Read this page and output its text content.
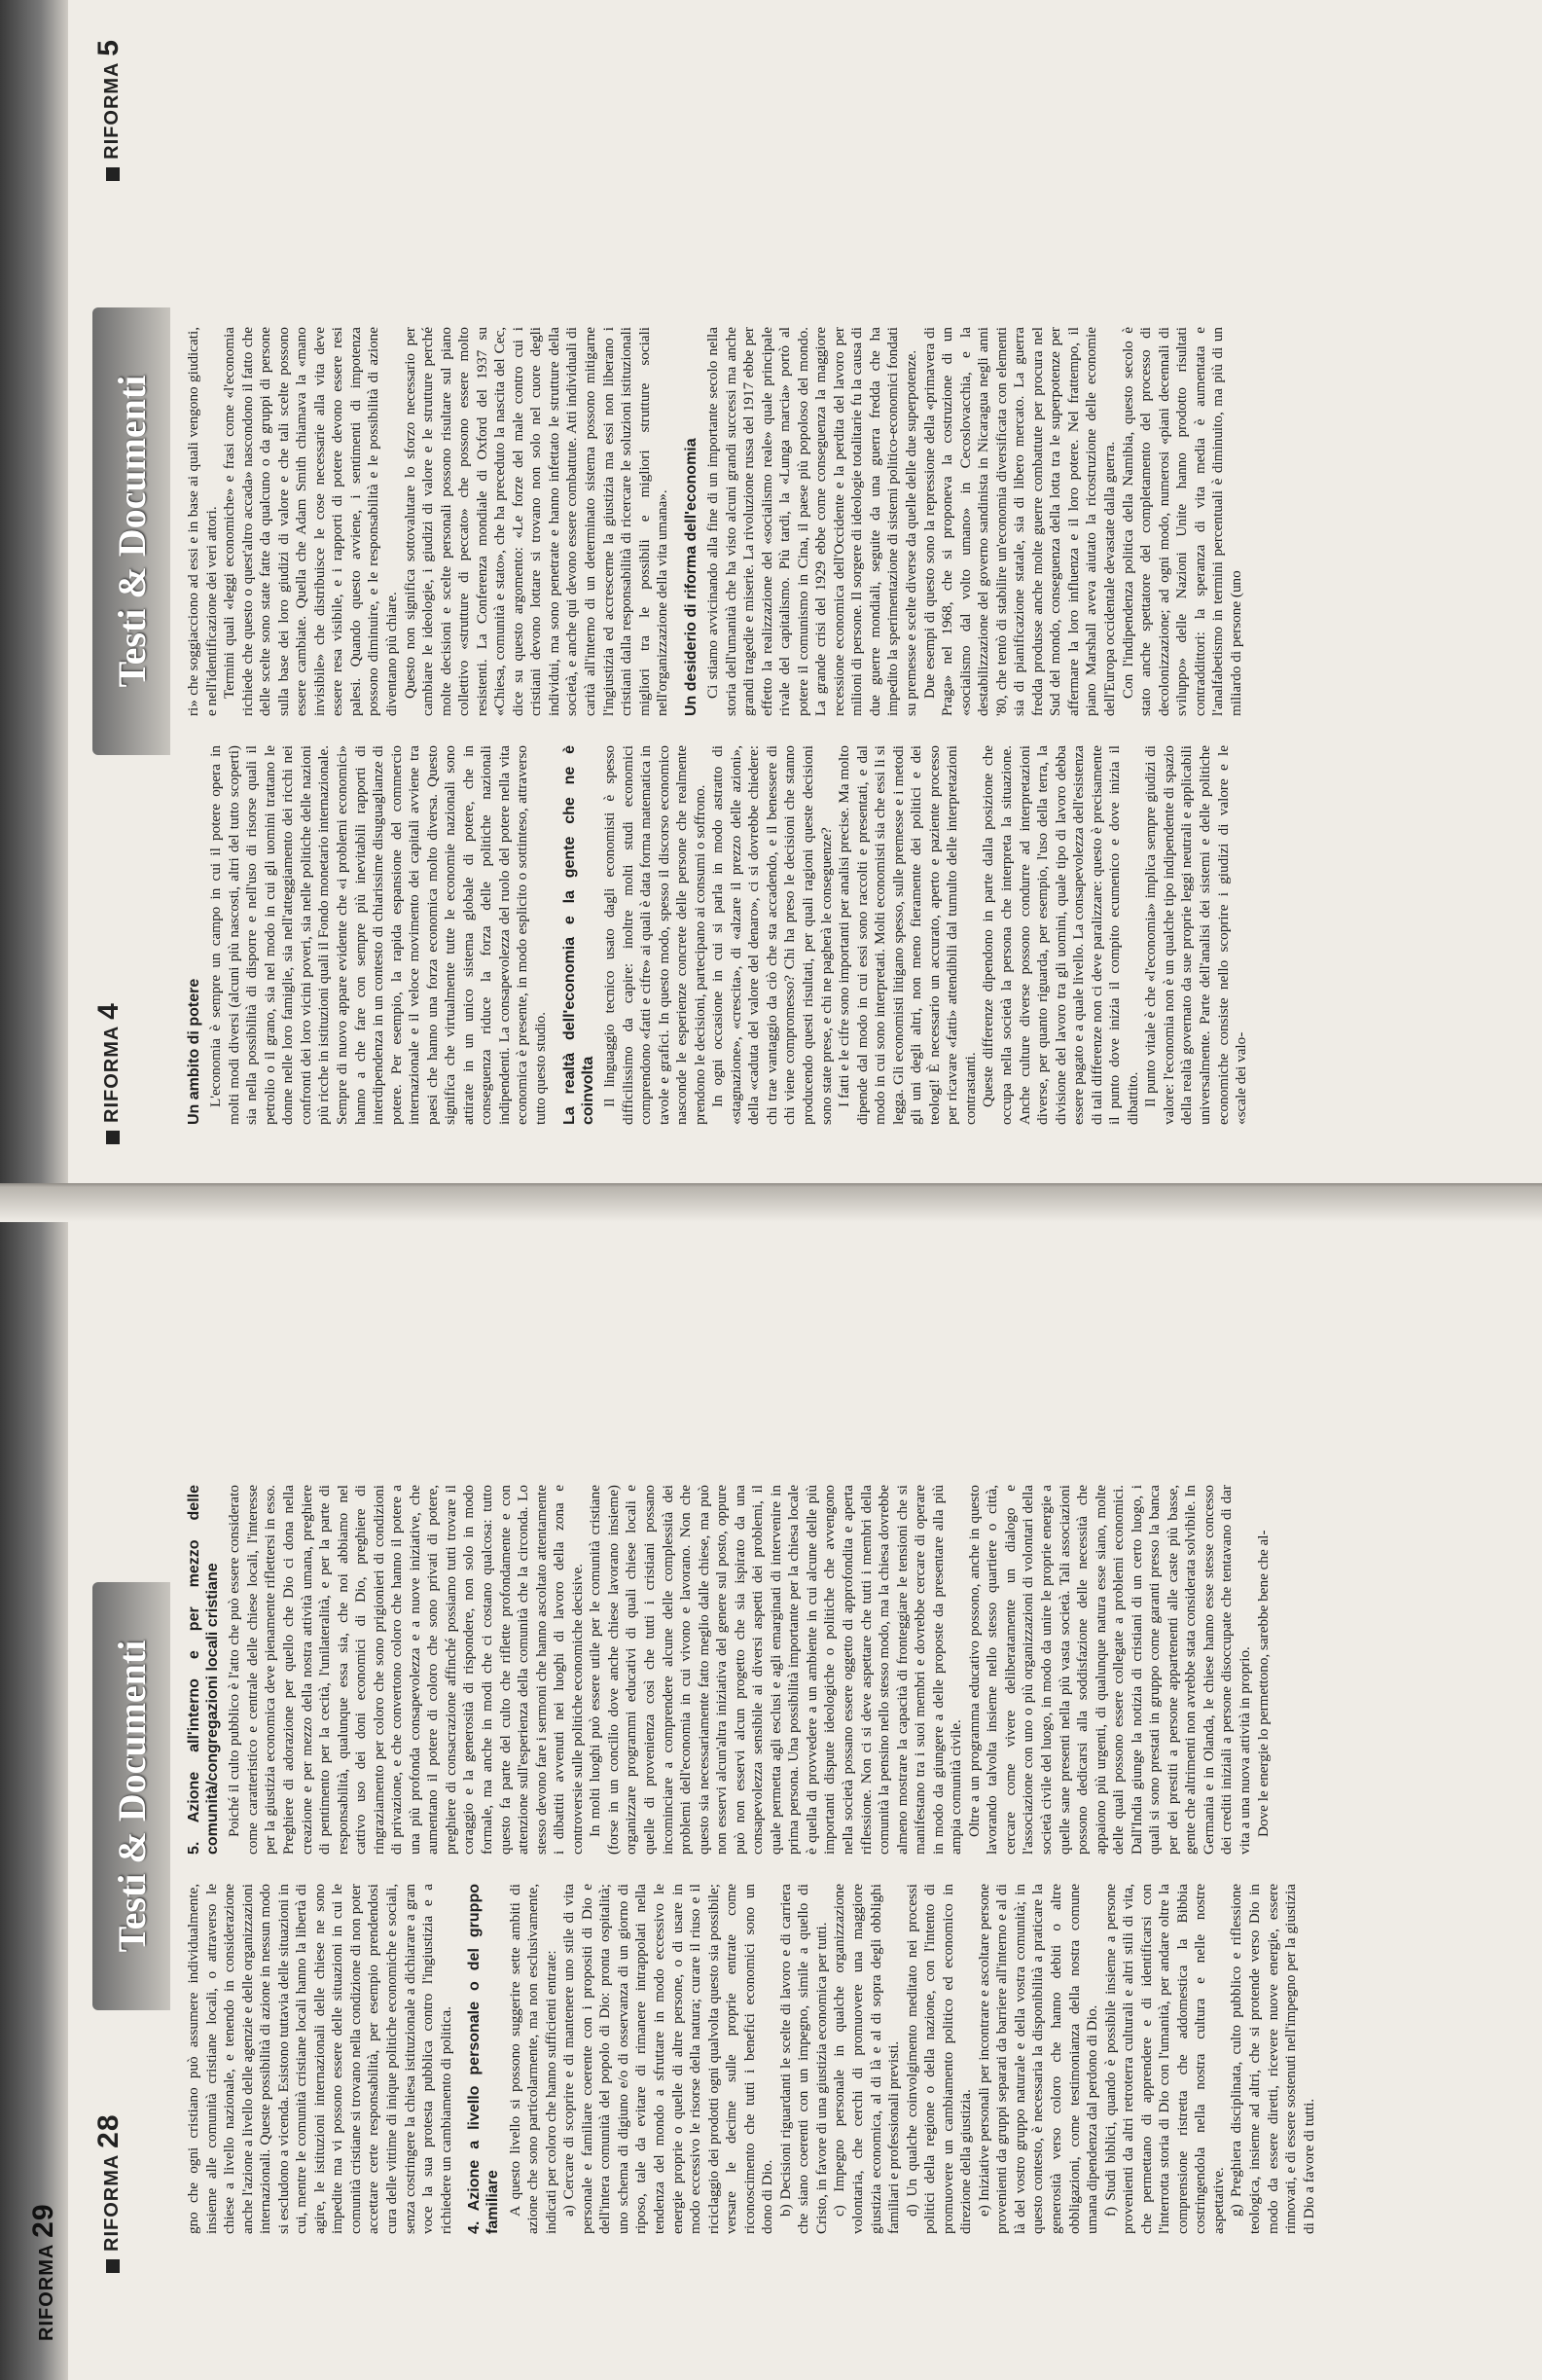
RIFORMA 29	RIFORMA 28
Testi & Documenti

gno che ogni cristiano può assumere individualmente, insieme alle comunità cristiane locali, o attraverso le chiese a livello nazionale, e tenendo in considerazione anche l'azione a livello delle agenzie e delle organizzazioni internazionali. Queste possibilità di azione in nessun modo si escludono a vicenda. Esistono tuttavia delle situazioni in cui, mentre le comunità cristiane locali hanno la libertà di agire, le istituzioni internazionali delle chiese ne sono impedite ma vi possono essere delle situazioni in cui le comunità cristiane si trovano nella condizione di non poter accettare certe responsabilità, per esempio prendendosi cura delle vittime di inique politiche economiche e sociali, senza costringere la chiesa istituzionale a dichiarare a gran voce la sua protesta pubblica contro l'ingiustizia e a richiedere un cambiamento di politica. 4. Azione a livello personale o del gruppo familiare A questo livello si possono suggerire sette ambiti di azione che sono particolarmente, ma non esclusivamente, indicati per coloro che hanno sufficienti entrate: a) Cercare di scoprire e di mantenere uno stile di vita personale e familiare coerente con i propositi di Dio e dell'intera comunità del popolo di Dio: pronta ospitalità; uno schema di digiuno e/o di osservanza di un giorno di riposo, tale da evitare di rimanere intrappolati nella tendenza del mondo a sfruttare in modo eccessivo le energie proprie o quelle di altre persone, o di usare in modo eccessivo le risorse della natura; curare il riuso e il riciclaggio dei prodotti ogni qualvolta questo sia possibile; versare le decime sulle proprie entrate come riconoscimento che tutti i benefici economici sono un dono di Dio. b) Decisioni riguardanti le scelte di lavoro e di carriera che siano coerenti con un impegno, simile a quello di Cristo, in favore di una giustizia economica per tutti. c) Impegno personale in qualche organizzazione volontaria, che cerchi di promuovere una maggiore giustizia economica, al di là e al di sopra degli obblighi familiari e professionali previsti. d) Un qualche coinvolgimento meditato nei processi politici della regione o della nazione, con l'intento di promuovere un cambiamento politico ed economico in direzione della giustizia. e) Iniziative personali per incontrare e ascoltare persone provenienti da gruppi separati da barriere all'interno e al di là del vostro gruppo naturale e della vostra comunità; in questo contesto, è necessaria la disponibilità a praticare la generosità verso coloro che hanno debiti o altre obbligazioni, come testimonianza della nostra comune umana dipendenza dal perdono di Dio. f) Studi biblici, quando è possibile insieme a persone provenienti da altri retroterra culturali e altri stili di vita, che permettano di apprendere e di identificarsi con l'interrotta storia di Dio con l'umanità, per andare oltre la comprensione ristretta che addomestica la Bibbia costringendola nella nostra cultura e nelle nostre aspettative. g) Preghiera disciplinata, culto pubblico e riflessione teologica, insieme ad altri, che si protende verso Dio in modo da essere diretti, ricevere nuove energie, essere rinnovati, e di essere sostenuti nell'impegno per la giustizia di Dio a favore di tutti.

5. Azione all'interno e per mezzo delle comunità/congregazioni locali cristiane Poiché il culto pubblico è l'atto che può essere considerato come caratteristico e centrale delle chiese locali, l'interesse per la giustizia economica deve pienamente riflettersi in esso. Preghiere di adorazione per quello che Dio ci dona nella creazione e per mezzo della nostra attività umana, preghiere di pentimento per la cecità, l'unilateralità, e per la parte di responsabilità, qualunque essa sia, che noi abbiamo nel cattivo uso dei doni economici di Dio, preghiere di ringraziamento per coloro che sono prigionieri di condizioni di privazione, e che convertono coloro che hanno il potere a una più profonda consapevolezza e a nuove iniziative, che aumentano il potere di coloro che sono privati di potere, preghiere di consacrazione affinché possiamo tutti trovare il coraggio e la generosità di rispondere, non solo in modo formale, ma anche in modi che ci costano qualcosa: tutto questo fa parte del culto che riflette profondamente e con attenzione sull'esperienza della comunità che la circonda. Lo stesso devono fare i sermoni che hanno ascoltato attentamente i dibattiti avvenuti nei luoghi di lavoro della zona e controversie sulle politiche economiche decisive. In molti luoghi può essere utile per le comunità cristiane (forse in un concilio dove anche chiese lavorano insieme) organizzare programmi educativi di quali chiese locali e quelle di provenienza così che tutti i cristiani possano incominciare a comprendere alcune delle complessità dei problemi dell'economia in cui vivono e lavorano. Non che questo sia necessariamente fatto meglio dalle chiese, ma può non esservi alcun'altra iniziativa del genere sul posto, oppure può non esservi alcun progetto che sia ispirato da una consapevolezza sensibile ai diversi aspetti dei problemi, il quale permetta agli esclusi e agli emarginati di intervenire in prima persona. Una possibilità importante per la chiesa locale è quella di provvedere a un ambiente in cui alcune delle più importanti dispute ideologiche o politiche che avvengono nella società possano essere oggetto di approfondita e aperta riflessione. Non ci si deve aspettare che tutti i membri della comunità la pensino nello stesso modo, ma la chiesa dovrebbe almeno mostrare la capacità di fronteggiare le tensioni che si manifestano tra i suoi membri e dovrebbe cercare di operare in modo da giungere a delle proposte da presentare alla più ampia comunità civile. Oltre a un programma educativo possono, anche in questo lavorando talvolta insieme nello stesso quartiere o città, cercare come vivere deliberatamente un dialogo e l'associazione con uno o più organizzazioni di volontari della società civile del luogo, in modo da unire le proprie energie a quelle sane presenti nella più vasta società. Tali associazioni possono dedicarsi alla soddisfazione delle necessità che appaiono più urgenti, di qualunque natura esse siano, molte delle quali possono essere collegate a problemi economici. Dall'India giunge la notizia di cristiani di un certo luogo, i quali si sono prestati in gruppo come garanti presso la banca per dei prestiti a persone appartenenti alle caste più basse, gente che altrimenti non avrebbe stata considerata solvibile. In Germania e in Olanda, le chiese hanno esse stesse concesso dei crediti iniziali a persone disoccupate che tentavano di dar vita a una nuova attività in proprio. Dove le energie lo permettono, sarebbe bene che al-

RIFORMA 4
RIFORMA 5
Testi & Documenti
Un ambito di potere L'economia è sempre un campo in cui il potere opera in molti modi diversi (alcuni più nascosti, altri del tutto scoperti) sia nella possibilità di disporre e nell'uso di risorse quali il petrolio o il grano, sia nel modo in cui gli uomini trattano le donne nelle loro famiglie, sia nell'atteggiamento dei ricchi nei confronti dei loro vicini poveri, sia nelle politiche delle nazioni più ricche in istituzioni quali il Fondo monetario internazionale. Sempre di nuovo appare evidente che «i problemi economici» hanno a che fare con sempre più inevitabili rapporti di interdipendenza in un contesto di chiarissime disuguaglianze di potere. Per esempio, la rapida espansione del commercio internazionale e il veloce movimento dei capitali avviene tra paesi che hanno una forza economica molto diversa. Questo significa che virtualmente tutte le economie nazionali sono attirate in un unico sistema globale di potere, che in conseguenza riduce la forza delle politiche nazionali indipendenti. La consapevolezza del ruolo del potere nella vita economica è presente, in modo esplicito o sottinteso, attraverso tutto questo studio. La realtà dell'economia e la gente che ne è coinvolta Il linguaggio tecnico usato dagli economisti è spesso difficilissimo da capire: inoltre molti studi economici comprendono «fatti e cifre» ai quali è data forma matematica in tavole e grafici. In questo modo, spesso il discorso economico nasconde le esperienze concrete delle persone che realmente prendono le decisioni, partecipano ai consumi o soffrono. In ogni occasione in cui si parla in modo astratto di «stagnazione», «crescita», di «alzare il prezzo delle azioni», della «caduta del valore del denaro», ci si dovrebbe chiedere: chi trae vantaggio da ciò che sta accadendo, e il benessere di chi viene compromesso? Chi ha preso le decisioni che stanno producendo questi risultati, per quali ragioni queste decisioni sono state prese, e chi ne pagherà le conseguenze? I fatti e le cifre sono importanti per analisi precise. Ma molto dipende dal modo in cui essi sono raccolti e presentati, e dal modo in cui sono interpretati. Molti economisti sia che essi li si legga. Gli economisti litigano spesso, sulle premesse e i metodi gli uni degli altri, non meno fieramente dei politici e dei teologi! È necessario un accurato, aperto e paziente processo per ricavare «fatti» attendibili dal tumulto delle interpretazioni contrastanti. Queste differenze dipendono in parte dalla posizione che occupa nella società la persona che interpreta la situazione. Anche culture diverse possono condurre ad interpretazioni diverse, per quanto riguarda, per esempio, l'uso della terra, la divisione del lavoro tra gli uomini, quale tipo di lavoro debba essere pagato e a quale livello. La consapevolezza dell'esistenza di tali differenze non ci deve paralizzare: questo è precisamente il punto dove inizia il compito ecumenico e dove inizia il dibattito. Il punto vitale è che «l'economia» implica sempre giudizi di valore: l'economia non è un qualche tipo indipendente di spazio della realtà governato da sue proprie leggi neutrali e applicabili universalmente. Parte dell'analisi dei sistemi e delle politiche economiche consiste nello scoprire i giudizi di valore e le «scale dei valo-

ri» che soggiacciono ad essi e in base ai quali vengono giudicati, e nell'identificazione dei veri attori. Termini quali «leggi economiche» e frasi come «l'economia richiede che questo o quest'altro accada» nascondono il fatto che delle scelte sono state fatte da qualcuno o da gruppi di persone sulla base dei loro giudizi di valore e che tali scelte possono essere cambiate. Quella che Adam Smith chiamava la «mano invisibile» che distribuisce le cose necessarie alla vita deve essere resa visibile, e i rapporti di potere devono essere resi palesi. Quando questo avviene, i sentimenti di impotenza possono diminuire, e le responsabilità e le possibilità di azione diventano più chiare. Questo non significa sottovalutare lo sforzo necessario per cambiare le ideologie, i giudizi di valore e le strutture perché molte decisioni e scelte personali possono risultare sul piano collettivo «strutture di peccato» che possono essere molto resistenti. La Conferenza mondiale di Oxford del 1937 su «Chiesa, comunità e stato», che ha preceduto la nascita del Cec, dice su questo argomento: «Le forze del male contro cui i cristiani devono lottare si trovano non solo nel cuore degli individui, ma sono penetrate e hanno infettato le strutture della società, e anche qui devono essere combattute. Atti individuali di carità all'interno di un determinato sistema possono mitigarne l'ingiustizia ed accrescerne la giustizia ma essi non liberano i cristiani dalla responsabilità di ricercare le soluzioni istituzionali migliori tra le possibili e migliori strutture sociali nell'organizzazione della vita umana». Un desiderio di riforma dell'economia Ci stiamo avvicinando alla fine di un importante secolo nella storia dell'umanità che ha visto alcuni grandi successi ma anche grandi tragedie e miserie. La rivoluzione russa del 1917 ebbe per effetto la realizzazione del «socialismo reale» quale principale rivale del capitalismo. Più tardi, la «Lunga marcia» portò al potere il comunismo in Cina, il paese più popoloso del mondo. La grande crisi del 1929 ebbe come conseguenza la maggiore recessione economica dell'Occidente e la perdita del lavoro per milioni di persone. Il sorgere di ideologie totalitarie fu la causa di due guerre mondiali, seguite da una guerra fredda che ha impedito la sperimentazione di sistemi politico-economici fondati su premesse e scelte diverse da quelle delle due superpotenze. Due esempi di questo sono la repressione della «primavera di Praga» nel 1968, che si proponeva la costruzione di un «socialismo dal volto umano» in Cecoslovacchia, e la destabilizzazione del governo sandinista in Nicaragua negli anni '80, che tentò di stabilire un'economia diversificata con elementi sia di pianificazione statale, sia di libero mercato. La guerra fredda produsse anche molte guerre combattute per procura nel Sud del mondo, conseguenza della lotta tra le superpotenze per affermare la loro influenza e il loro potere. Nel frattempo, il piano Marshall aveva aiutato la ricostruzione delle economie dell'Europa occidentale devastate dalla guerra. Con l'indipendenza politica della Namibia, questo secolo è stato anche spettatore del completamento del processo di decolonizzazione; ad ogni modo, numerosi «piani decennali di sviluppo» delle Nazioni Unite hanno prodotto risultati contraddittori: la speranza di vita media è aumentata e l'analfabetismo in termini percentuali è diminuito, ma più di un miliardo di persone (uno
